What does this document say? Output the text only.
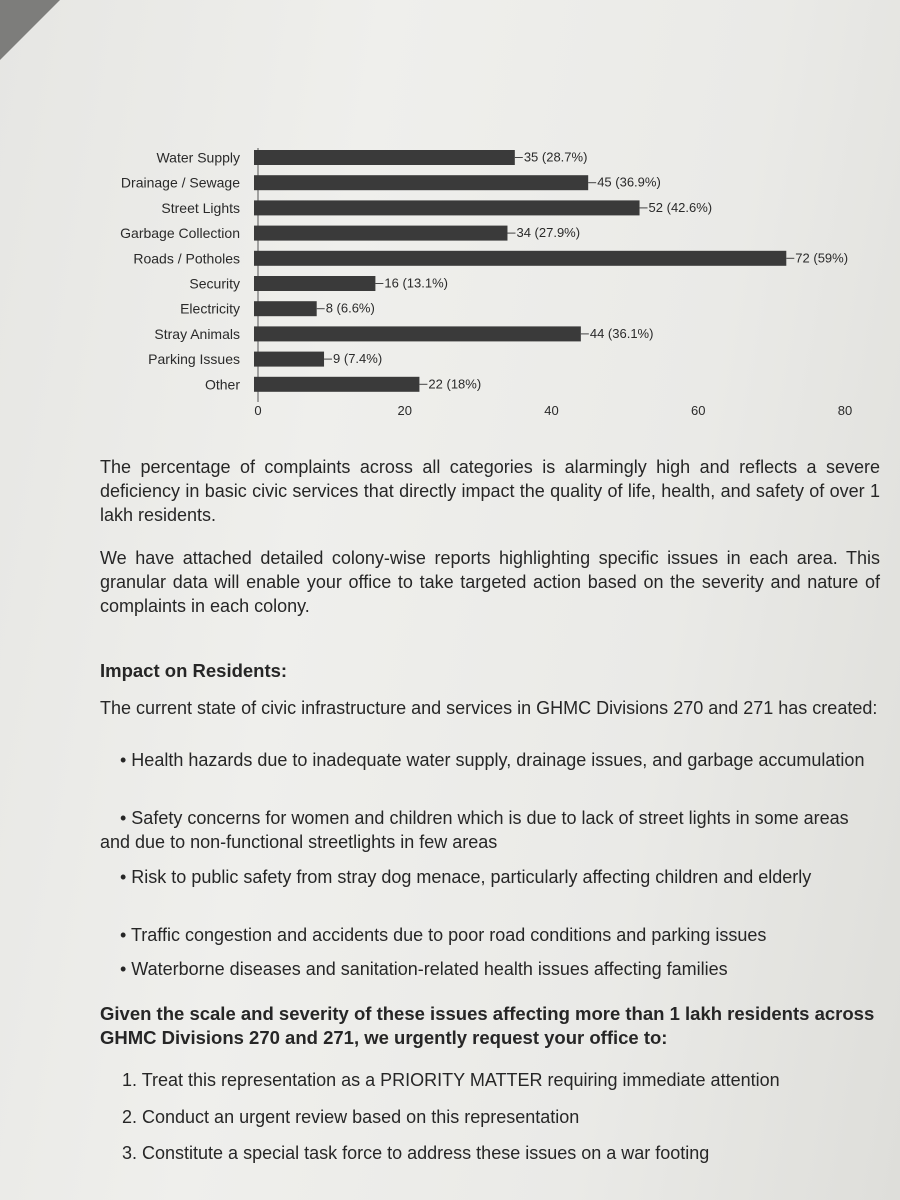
Water Supply	35 (28.7%)
Drainage / Sewage	45 (36.9%)
Street Lights	52 (42.6%)
Garbage Collection	34 (27.9%)
Roads / Potholes	72 (59%)
Security	16 (13.1%)
Electricity	8 (6.6%)
Stray Animals	44 (36.1%)
Parking Issues	9 (7.4%)
Other	22 (18%)
0	20	40	60	80
The percentage of complaints across all categories is alarmingly high and reflects a severe deficiency in basic civic services that directly impact the quality of life, health, and safety of over 1 lakh residents.
We have attached detailed colony-wise reports highlighting specific issues in each area. This granular data will enable your office to take targeted action based on the severity and nature of complaints in each colony.
Impact on Residents:
The current state of civic infrastructure and services in GHMC Divisions 270 and 271 has created:
• Health hazards due to inadequate water supply, drainage issues, and garbage accumulation
• Safety concerns for women and children which is due to lack of street lights in some areas and due to non-functional streetlights in few areas
• Risk to public safety from stray dog menace, particularly affecting children and elderly
• Traffic congestion and accidents due to poor road conditions and parking issues
• Waterborne diseases and sanitation-related health issues affecting families
Given the scale and severity of these issues affecting more than 1 lakh residents across GHMC Divisions 270 and 271, we urgently request your office to:
1. Treat this representation as a PRIORITY MATTER requiring immediate attention
2. Conduct an urgent review based on this representation
3. Constitute a special task force to address these issues on a war footing
